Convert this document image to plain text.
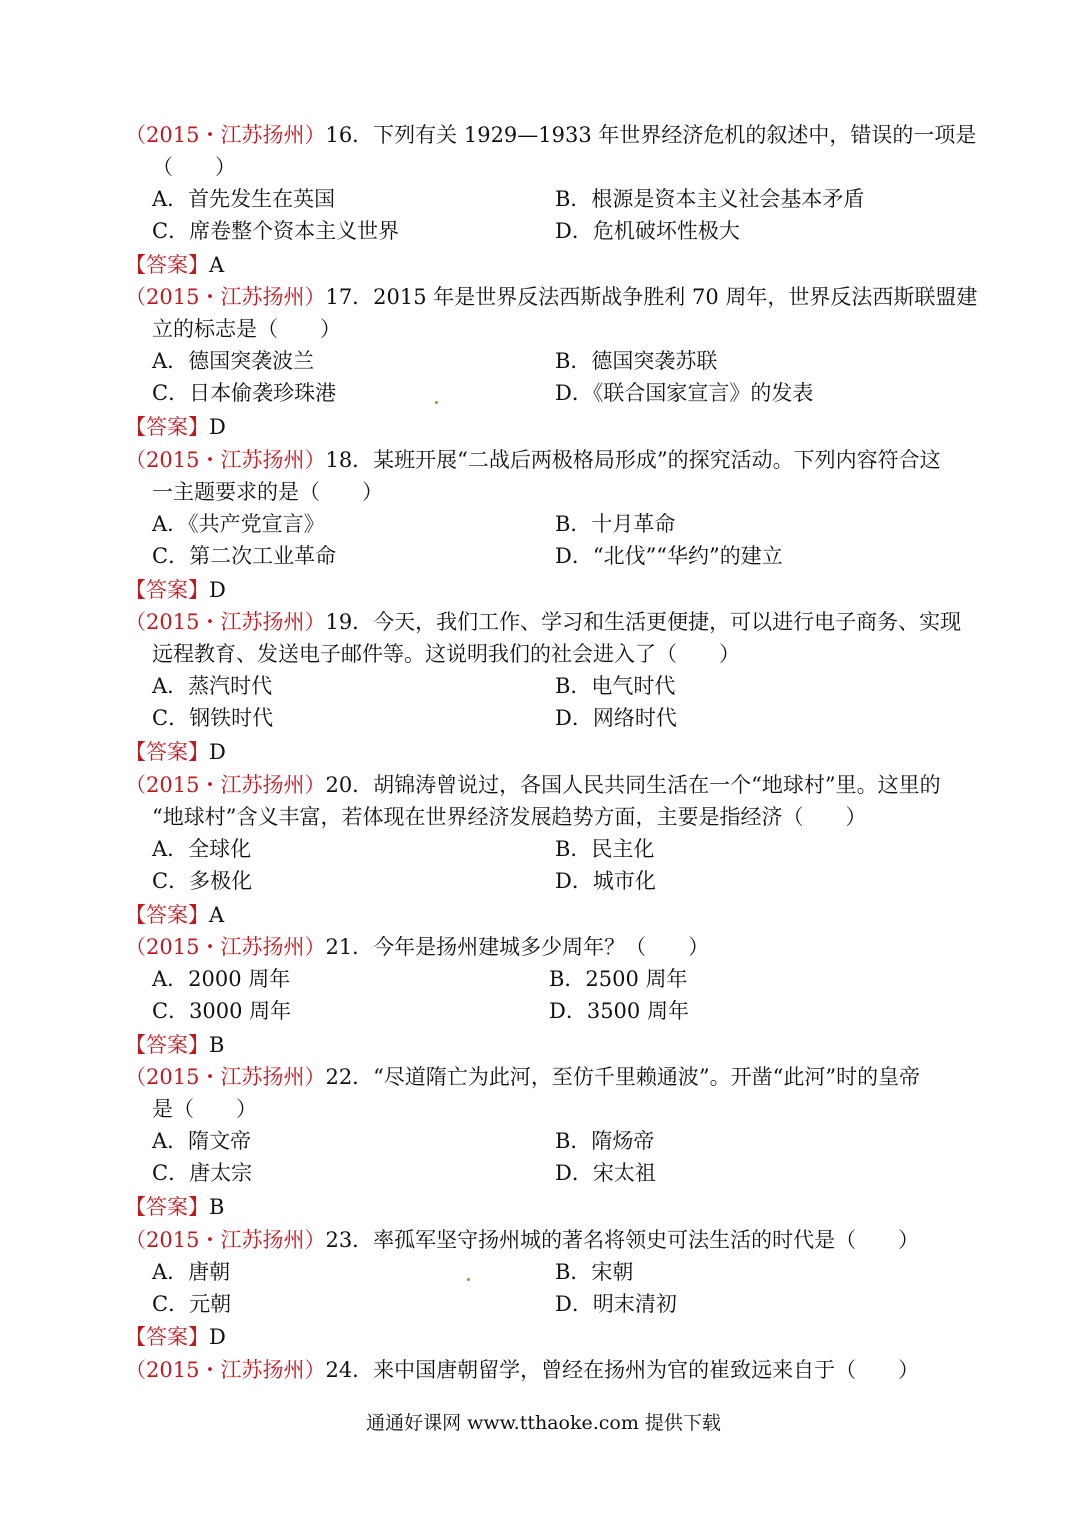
（2015・江苏扬州）16．下列有关 1929—1933 年世界经济危机的叙述中，错误的一项是
（　　）
A．首先发生在英国	B．根源是资本主义社会基本矛盾
C．席卷整个资本主义世界	D．危机破坏性极大
【答案】A
（2015・江苏扬州）17．2015 年是世界反法西斯战争胜利 70 周年，世界反法西斯联盟建
立的标志是（　　）
A．德国突袭波兰	B．德国突袭苏联
C．日本偷袭珍珠港	D．《联合国家宣言》的发表
【答案】D
（2015・江苏扬州）18．某班开展“二战后两极格局形成”的探究活动。下列内容符合这
一主题要求的是（　　）
A．《共产党宣言》	B．十月革命
C．第二次工业革命	D．“北伐”“华约”的建立
【答案】D
（2015・江苏扬州）19．今天，我们工作、学习和生活更便捷，可以进行电子商务、实现
远程教育、发送电子邮件等。这说明我们的社会进入了（　　）
A．蒸汽时代	B．电气时代
C．钢铁时代	D．网络时代
【答案】D
（2015・江苏扬州）20．胡锦涛曾说过，各国人民共同生活在一个“地球村”里。这里的
“地球村”含义丰富，若体现在世界经济发展趋势方面，主要是指经济（　　）
A．全球化	B．民主化
C．多极化	D．城市化
【答案】A
（2015・江苏扬州）21．今年是扬州建城多少周年？（　　）
A．2000 周年	B．2500 周年
C．3000 周年	D．3500 周年
【答案】B
（2015・江苏扬州）22．“尽道隋亡为此河，至仿千里赖通波”。开凿“此河”时的皇帝
是（　　）
A．隋文帝	B．隋炀帝
C．唐太宗	D．宋太祖
【答案】B
（2015・江苏扬州）23．率孤军坚守扬州城的著名将领史可法生活的时代是（　　）
A．唐朝	B．宋朝
C．元朝	D．明末清初
【答案】D
（2015・江苏扬州）24．来中国唐朝留学，曾经在扬州为官的崔致远来自于（　　）
通通好课网 www.tthaoke.com 提供下载
